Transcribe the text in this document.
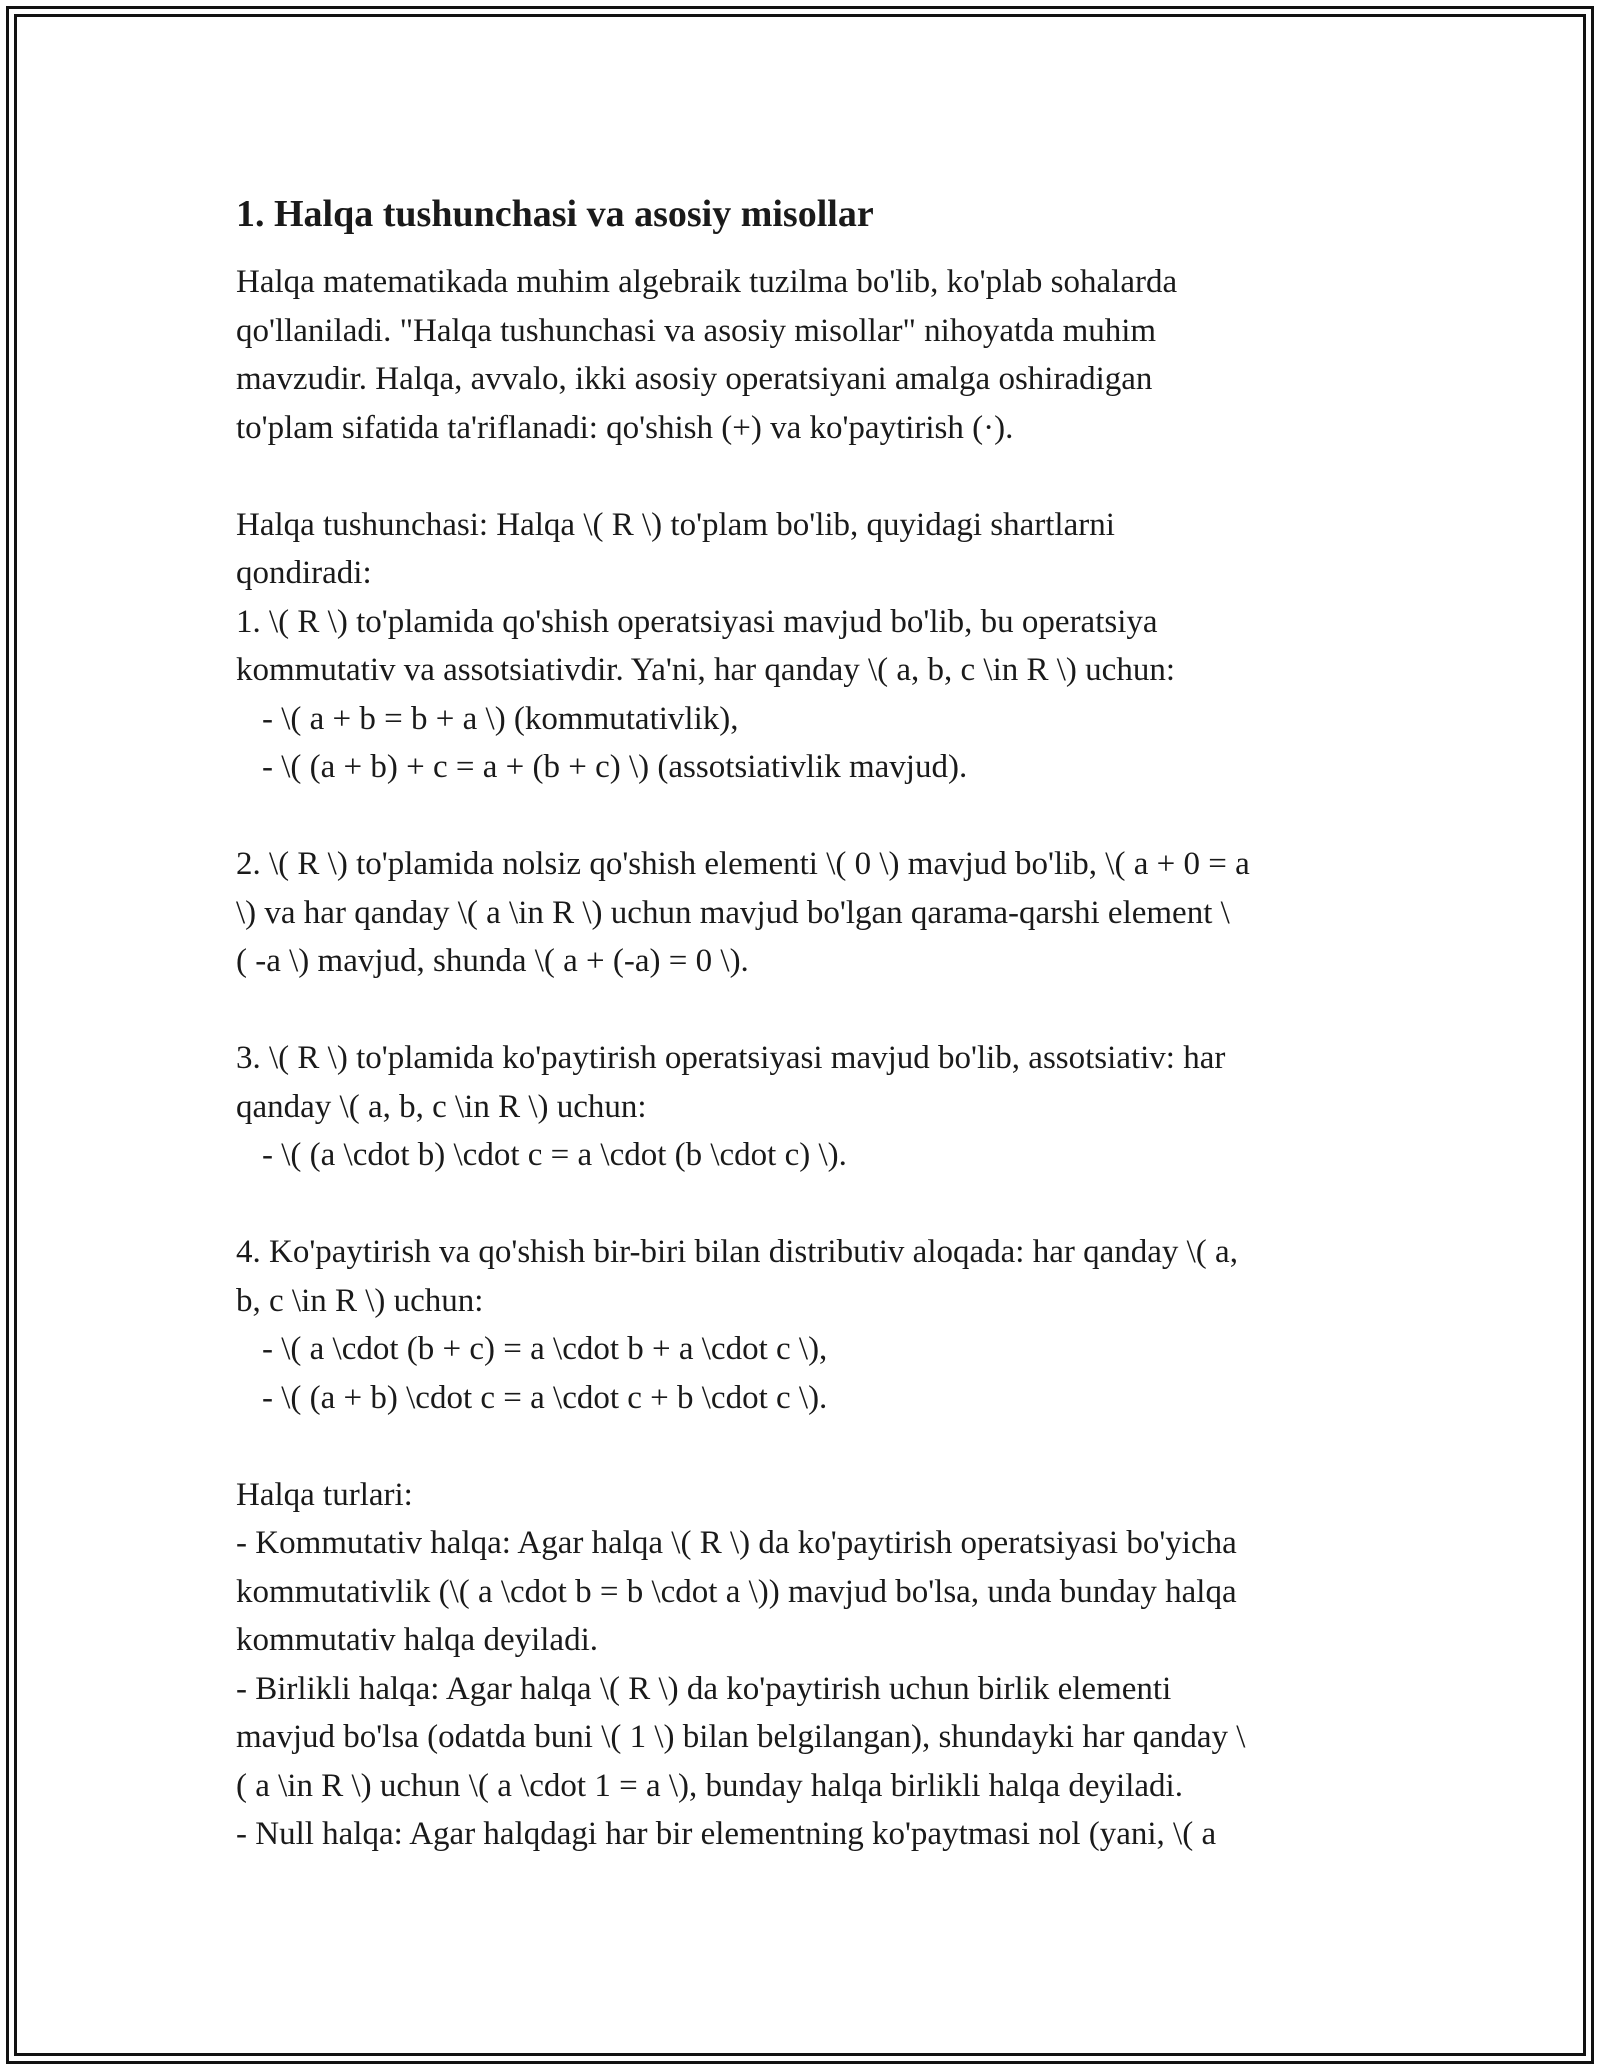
1. Halqa tushunchasi va asosiy misollar
Halqa matematikada muhim algebraik tuzilma bo'lib, ko'plab sohalarda
qo'llaniladi. "Halqa tushunchasi va asosiy misollar" nihoyatda muhim
mavzudir. Halqa, avvalo, ikki asosiy operatsiyani amalga oshiradigan
to'plam sifatida ta'riflanadi: qo'shish (+) va ko'paytirish (·).
Halqa tushunchasi: Halqa \( R \) to'plam bo'lib, quyidagi shartlarni
qondiradi:
1. \( R \) to'plamida qo'shish operatsiyasi mavjud bo'lib, bu operatsiya
kommutativ va assotsiativdir. Ya'ni, har qanday \( a, b, c \in R \) uchun:
- \( a + b = b + a \) (kommutativlik),
- \( (a + b) + c = a + (b + c) \) (assotsiativlik mavjud).
2. \( R \) to'plamida nolsiz qo'shish elementi \( 0 \) mavjud bo'lib, \( a + 0 = a
\) va har qanday \( a \in R \) uchun mavjud bo'lgan qarama-qarshi element \
( -a \) mavjud, shunda \( a + (-a) = 0 \).
3. \( R \) to'plamida ko'paytirish operatsiyasi mavjud bo'lib, assotsiativ: har
qanday \( a, b, c \in R \) uchun:
- \( (a \cdot b) \cdot c = a \cdot (b \cdot c) \).
4. Ko'paytirish va qo'shish bir-biri bilan distributiv aloqada: har qanday \( a,
b, c \in R \) uchun:
- \( a \cdot (b + c) = a \cdot b + a \cdot c \),
- \( (a + b) \cdot c = a \cdot c + b \cdot c \).
Halqa turlari:
- Kommutativ halqa: Agar halqa \( R \) da ko'paytirish operatsiyasi bo'yicha
kommutativlik (\( a \cdot b = b \cdot a \)) mavjud bo'lsa, unda bunday halqa
kommutativ halqa deyiladi.
- Birlikli halqa: Agar halqa \( R \) da ko'paytirish uchun birlik elementi
mavjud bo'lsa (odatda buni \( 1 \) bilan belgilangan), shundayki har qanday \
( a \in R \) uchun \( a \cdot 1 = a \), bunday halqa birlikli halqa deyiladi.
- Null halqa: Agar halqdagi har bir elementning ko'paytmasi nol (yani, \( a
